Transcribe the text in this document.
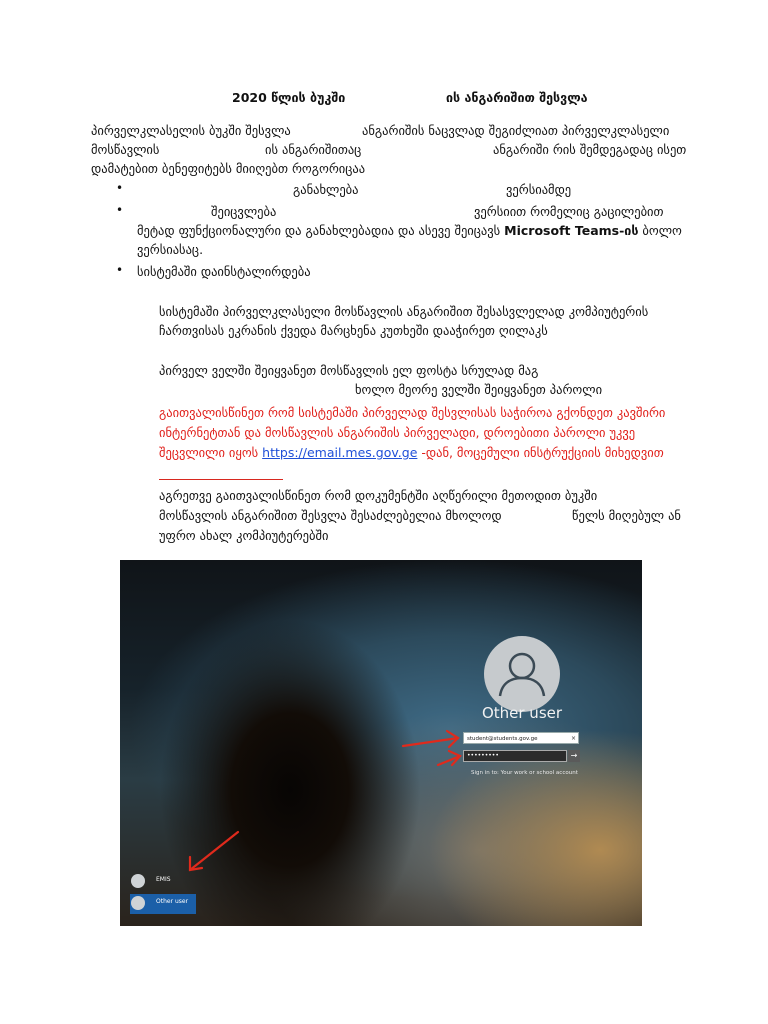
2020 წლის ბუკში	ის ანგარიშით შესვლა
პირველკლასელის ბუკში შესვლა	ანგარიშის ნაცვლად შეგიძლიათ პირველკლასელი
მოსწავლის	ის ანგარიშითაც	ანგარიში რის შემდეგადაც ისეთ
დამატებით ბენეფიტებს მიიღებთ როგორიცაა
•	განახლება	ვერსიამდე
•	შეიცვლება	ვერსიით რომელიც გაცილებით
მეტად ფუნქციონალური და განახლებადია და ასევე შეიცავს Microsoft Teams-ის ბოლო
ვერსიასაც.
• სისტემაში დაინსტალირდება
სისტემაში პირველკლასელი მოსწავლის ანგარიშით შესასვლელად კომპიუტერის
ჩართვისას ეკრანის ქვედა მარცხენა კუთხეში დააჭირეთ ღილაკს
პირველ ველში შეიყვანეთ მოსწავლის ელ ფოსტა სრულად მაგ
ხოლო მეორე ველში შეიყვანეთ პაროლი
გაითვალისწინეთ რომ სისტემაში პირველად შესვლისას საჭიროა გქონდეთ კავშირი
ინტერნეტთან და მოსწავლის ანგარიშის პირველადი, დროებითი პაროლი უკვე
შეცვლილი იყოს https://email.mes.gov.ge -დან, მოცემული ინსტრუქციის მიხედვით
აგრეთვე გაითვალისწინეთ რომ დოკუმენტში აღწერილი მეთოდით ბუკში
მოსწავლის ანგარიშით შესვლა შესაძლებელია მხოლოდ	წელს მიღებულ ან
უფრო ახალ კომპიუტერებში
Other user
student@students.gov.ge	×
•••••••••	→
Sign in to: Your work or school account
EMIS
Other user
